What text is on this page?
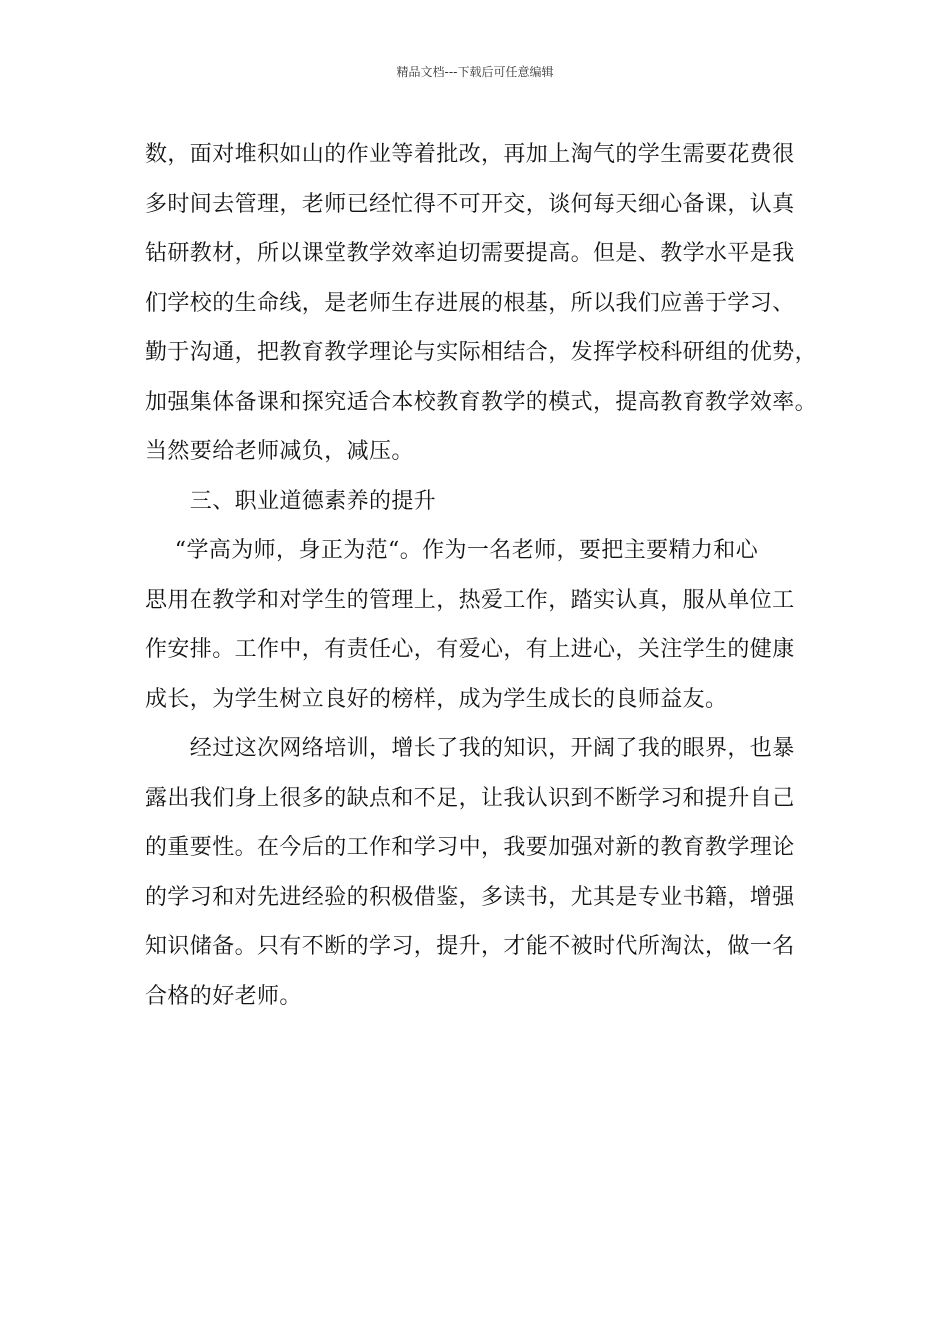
精品文档---下载后可任意编辑
数，面对堆积如山的作业等着批改，再加上淘气的学生需要花费很
多时间去管理，老师已经忙得不可开交，谈何每天细心备课，认真
钻研教材，所以课堂教学效率迫切需要提高。但是、教学水平是我
们学校的生命线，是老师生存进展的根基，所以我们应善于学习、
勤于沟通，把教育教学理论与实际相结合，发挥学校科研组的优势，
加强集体备课和探究适合本校教育教学的模式，提高教育教学效率。
当然要给老师减负，减压。
　　三、职业道德素养的提升
　 “学高为师，身正为范“。作为一名老师，要把主要精力和心
思用在教学和对学生的管理上，热爱工作，踏实认真，服从单位工
作安排。工作中，有责任心，有爱心，有上进心，关注学生的健康
成长，为学生树立良好的榜样，成为学生成长的良师益友。
　　经过这次网络培训，增长了我的知识，开阔了我的眼界，也暴
露出我们身上很多的缺点和不足，让我认识到不断学习和提升自己
的重要性。在今后的工作和学习中，我要加强对新的教育教学理论
的学习和对先进经验的积极借鉴，多读书，尤其是专业书籍，增强
知识储备。只有不断的学习，提升，才能不被时代所淘汰，做一名
合格的好老师。
